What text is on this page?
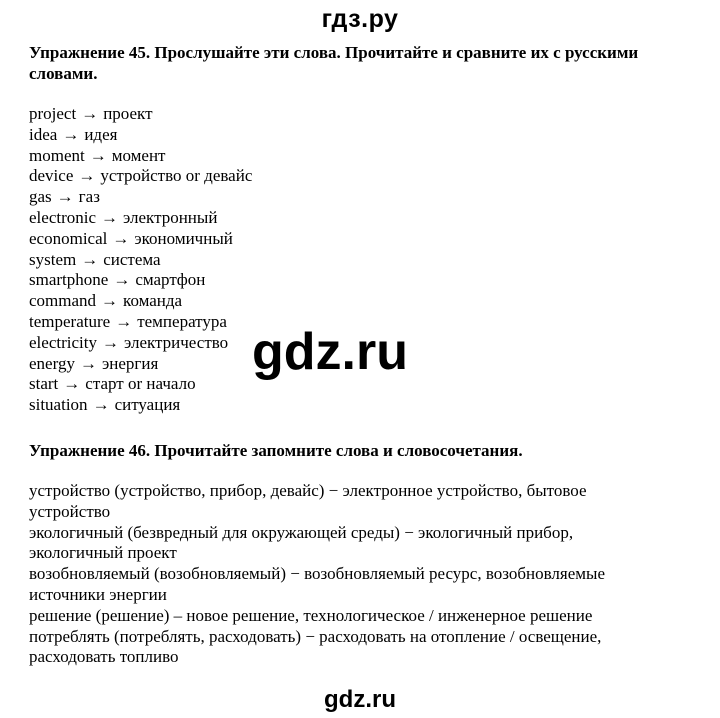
гдз.ру
Упражнение 45. Прослушайте эти слова. Прочитайте и сравните их с русскими словами.
project → проект
idea → идея
moment → момент
device → устройство or девайс
gas → газ
electronic → электронный
economical → экономичный
system → система
smartphone → смартфон
command → команда
temperature → температура
electricity → электричество
energy → энергия
start → старт or начало
situation → ситуация
gdz.ru
Упражнение 46. Прочитайте запомните слова и словосочетания.
устройство (устройство, прибор, девайс) − электронное устройство, бытовое устройство
экологичный (безвредный для окружающей среды) − экологичный прибор, экологичный проект
возобновляемый (возобновляемый) − возобновляемый ресурс, возобновляемые источники энергии
решение (решение) – новое решение, технологическое / инженерное решение
потреблять (потреблять, расходовать) − расходовать на отопление / освещение, расходовать топливо
gdz.ru
